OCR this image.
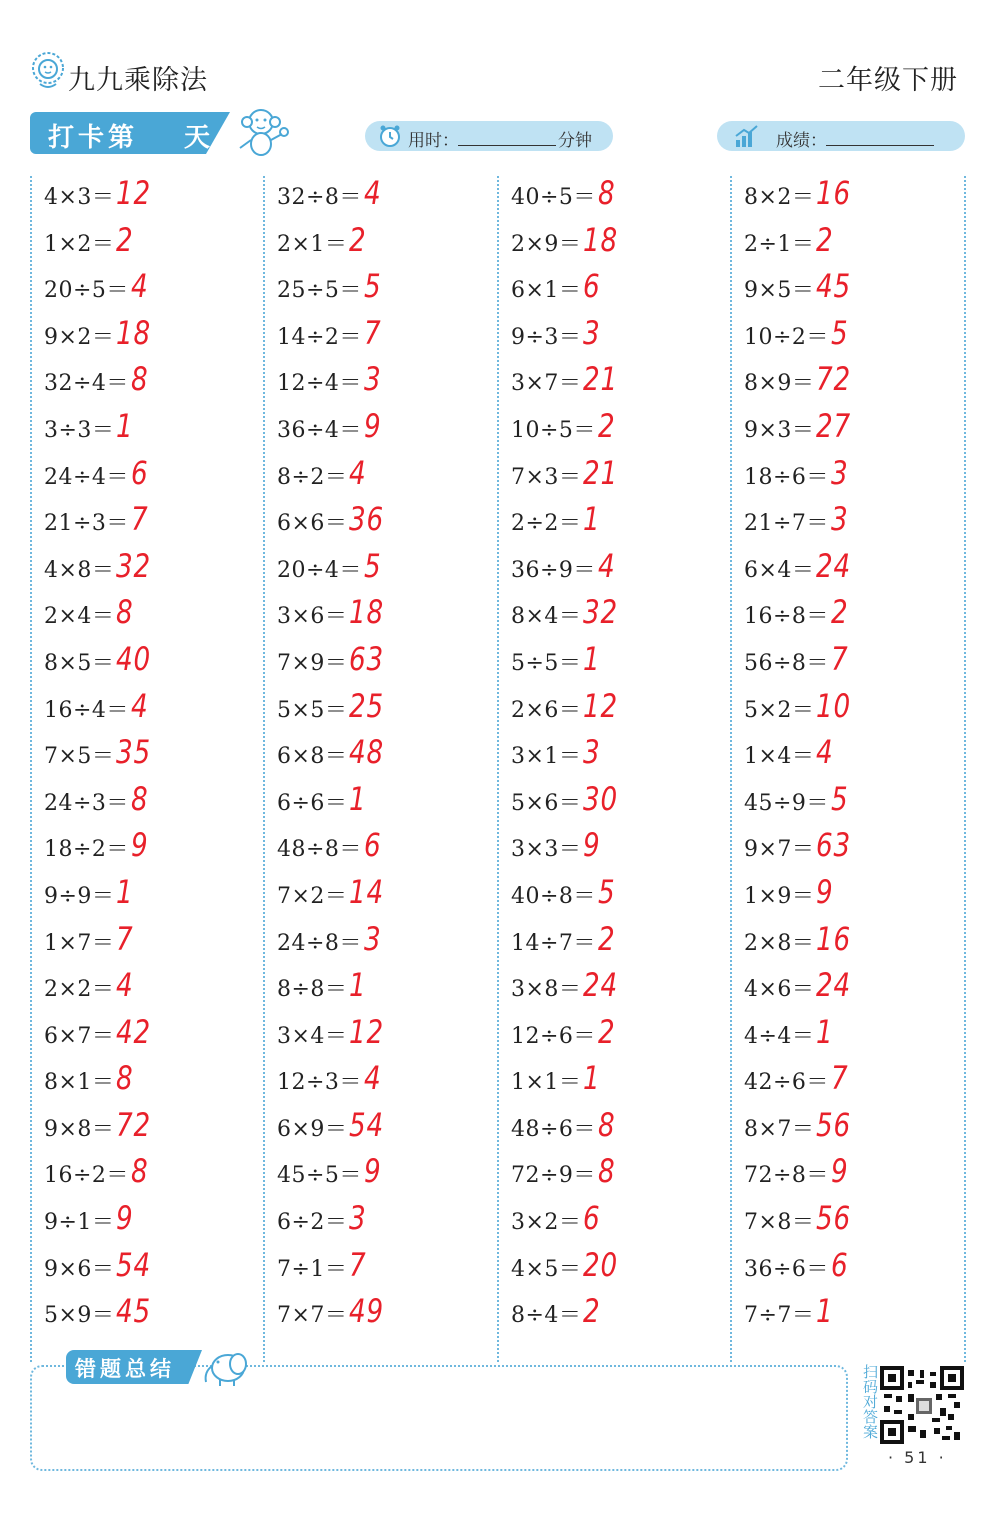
九九乘除法	二年级下册
打卡第 天	用时：	分钟	成绩：
4×3＝ 12
1×2＝ 2
20÷5＝ 4
9×2＝ 18
32÷4＝ 8
3÷3＝ 1
24÷4＝ 6
21÷3＝ 7
4×8＝ 32
2×4＝ 8
8×5＝ 40
16÷4＝ 4
7×5＝ 35
24÷3＝ 8
18÷2＝ 9
9÷9＝ 1
1×7＝ 7
2×2＝ 4
6×7＝ 42
8×1＝ 8
9×8＝ 72
16÷2＝ 8
9÷1＝ 9
9×6＝ 54
5×9＝ 45
32÷8＝ 4
2×1＝ 2
25÷5＝ 5
14÷2＝ 7
12÷4＝ 3
36÷4＝ 9
8÷2＝ 4
6×6＝ 36
20÷4＝ 5
3×6＝ 18
7×9＝ 63
5×5＝ 25
6×8＝ 48
6÷6＝ 1
48÷8＝ 6
7×2＝ 14
24÷8＝ 3
8÷8＝ 1
3×4＝ 12
12÷3＝ 4
6×9＝ 54
45÷5＝ 9
6÷2＝ 3
7÷1＝ 7
7×7＝ 49
40÷5＝ 8
2×9＝ 18
6×1＝ 6
9÷3＝ 3
3×7＝ 21
10÷5＝ 2
7×3＝ 21
2÷2＝ 1
36÷9＝ 4
8×4＝ 32
5÷5＝ 1
2×6＝ 12
3×1＝ 3
5×6＝ 30
3×3＝ 9
40÷8＝ 5
14÷7＝ 2
3×8＝ 24
12÷6＝ 2
1×1＝ 1
48÷6＝ 8
72÷9＝ 8
3×2＝ 6
4×5＝ 20
8÷4＝ 2
8×2＝ 16
2÷1＝ 2
9×5＝ 45
10÷2＝ 5
8×9＝ 72
9×3＝ 27
18÷6＝ 3
21÷7＝ 3
6×4＝ 24
16÷8＝ 2
56÷8＝ 7
5×2＝ 10
1×4＝ 4
45÷9＝ 5
9×7＝ 63
1×9＝ 9
2×8＝ 16
4×6＝ 24
4÷4＝ 1
42÷6＝ 7
8×7＝ 56
72÷8＝ 9
7×8＝ 56
36÷6＝ 6
7÷7＝ 1
错题总结	扫码对答案
· 51 ·
